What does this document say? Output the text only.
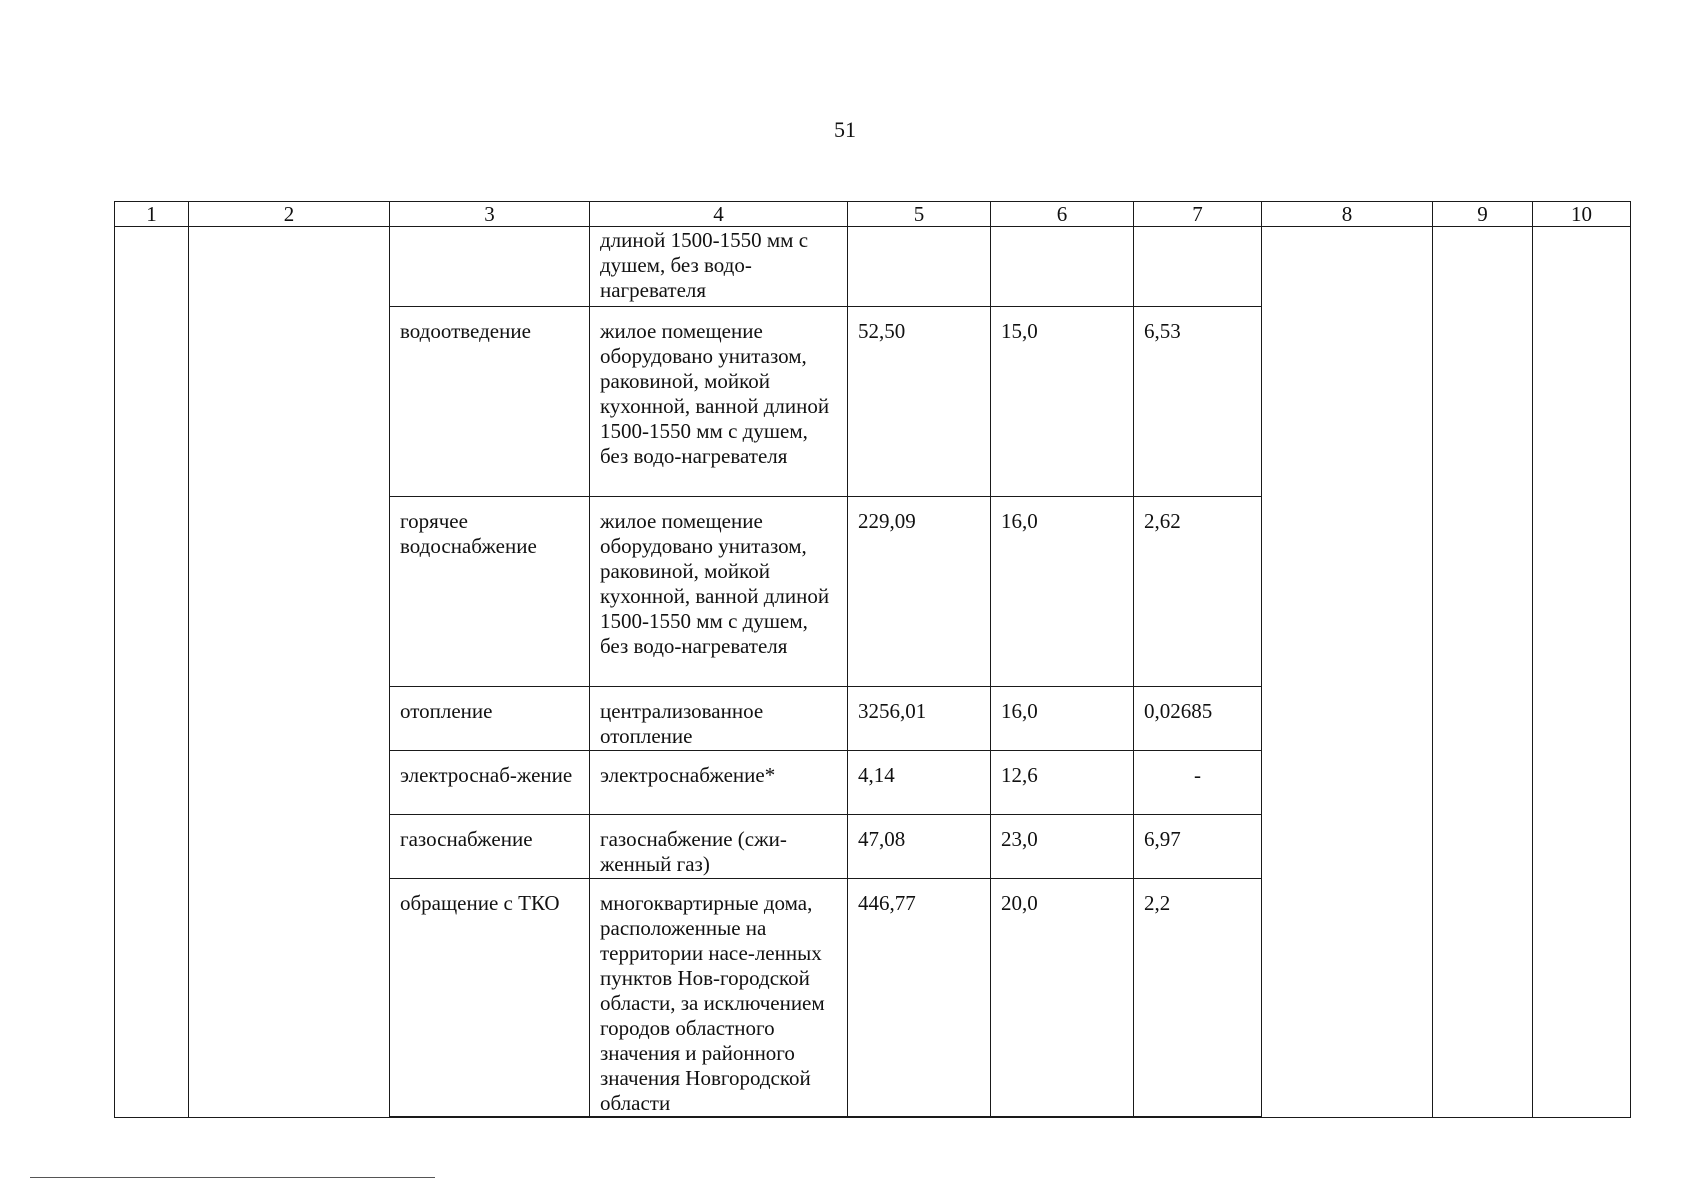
51
1	2	3	4	5	6	7	8	9	10
			длиной 1500-1550 мм с душем, без водо-нагревателя						
		водоотведение	жилое помещение оборудовано унитазом, раковиной, мойкой кухонной, ванной длиной 1500-1550 мм с душем, без водо-нагревателя	52,50	15,0	6,53			
		горячее водоснабжение	жилое помещение оборудовано унитазом, раковиной, мойкой кухонной, ванной длиной 1500-1550 мм с душем, без водо-нагревателя	229,09	16,0	2,62			
		отопление	централизованное отопление	3256,01	16,0	0,02685			
		электроснаб-жение	электроснабжение*	4,14	12,6	-			
		газоснабжение	газоснабжение (сжи-женный газ)	47,08	23,0	6,97			
		обращение с ТКО	многоквартирные дома, расположенные на территории насе-ленных пунктов Нов-городской области, за исключением городов областного значения и районного значения Новгородской области	446,77	20,0	2,2			
